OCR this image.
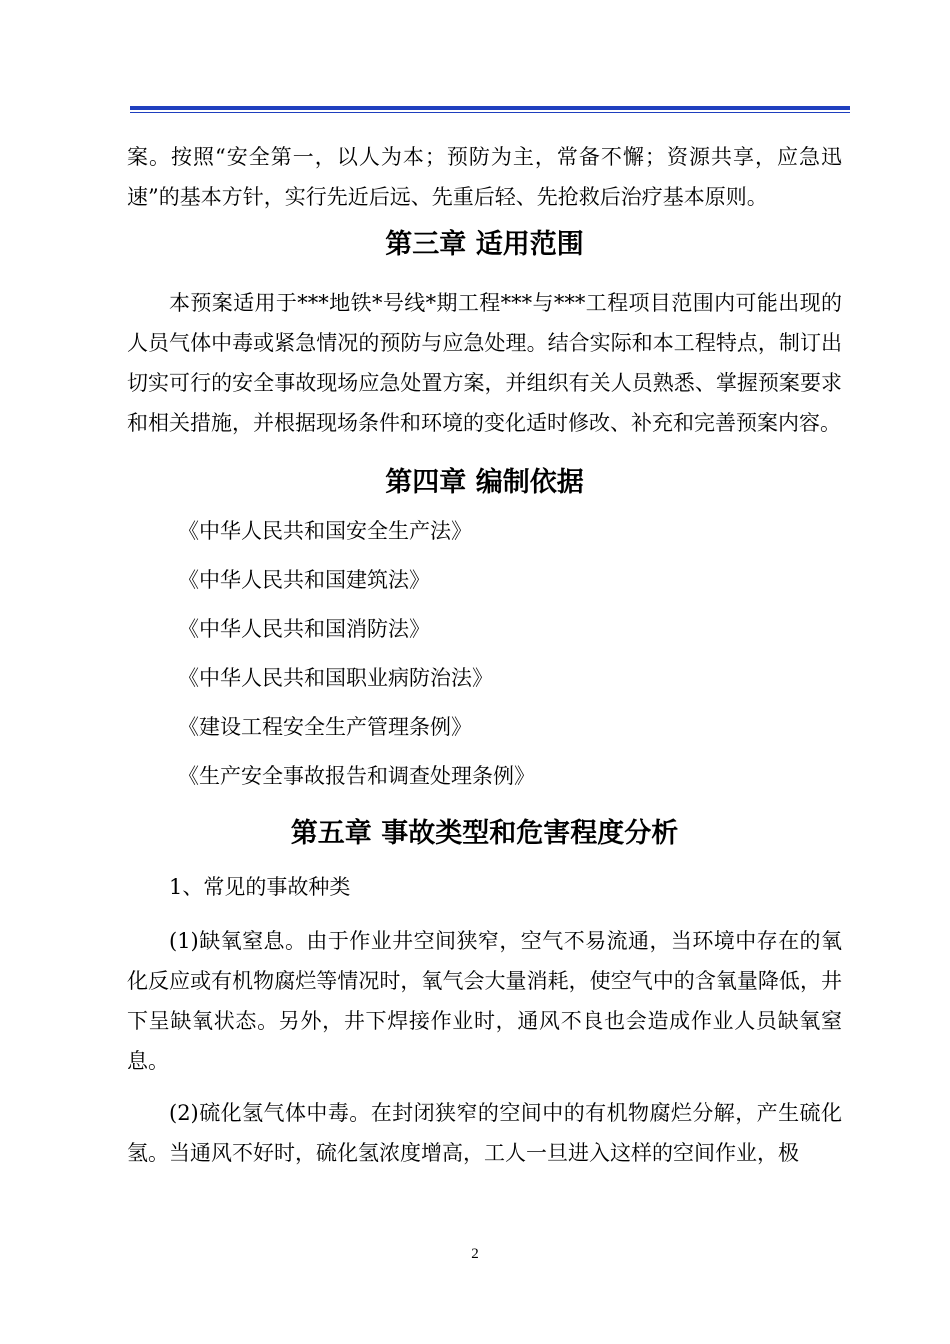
案。按照“安全第一，以人为本；预防为主，常备不懈；资源共享，应急迅速”的基本方针，实行先近后远、先重后轻、先抢救后治疗基本原则。

第三章 适用范围

本预案适用于***地铁*号线*期工程***与***工程项目范围内可能出现的人员气体中毒或紧急情况的预防与应急处理。结合实际和本工程特点，制订出切实可行的安全事故现场应急处置方案，并组织有关人员熟悉、掌握预案要求和相关措施，并根据现场条件和环境的变化适时修改、补充和完善预案内容。

第四章 编制依据

《中华人民共和国安全生产法》

《中华人民共和国建筑法》

《中华人民共和国消防法》

《中华人民共和国职业病防治法》

《建设工程安全生产管理条例》

《生产安全事故报告和调查处理条例》

第五章 事故类型和危害程度分析

1、常见的事故种类

(1)缺氧窒息。由于作业井空间狭窄，空气不易流通，当环境中存在的氧化反应或有机物腐烂等情况时，氧气会大量消耗，使空气中的含氧量降低，井下呈缺氧状态。另外，井下焊接作业时，通风不良也会造成作业人员缺氧窒息。

(2)硫化氢气体中毒。在封闭狭窄的空间中的有机物腐烂分解，产生硫化氢。当通风不好时，硫化氢浓度增高，工人一旦进入这样的空间作业，极

2
